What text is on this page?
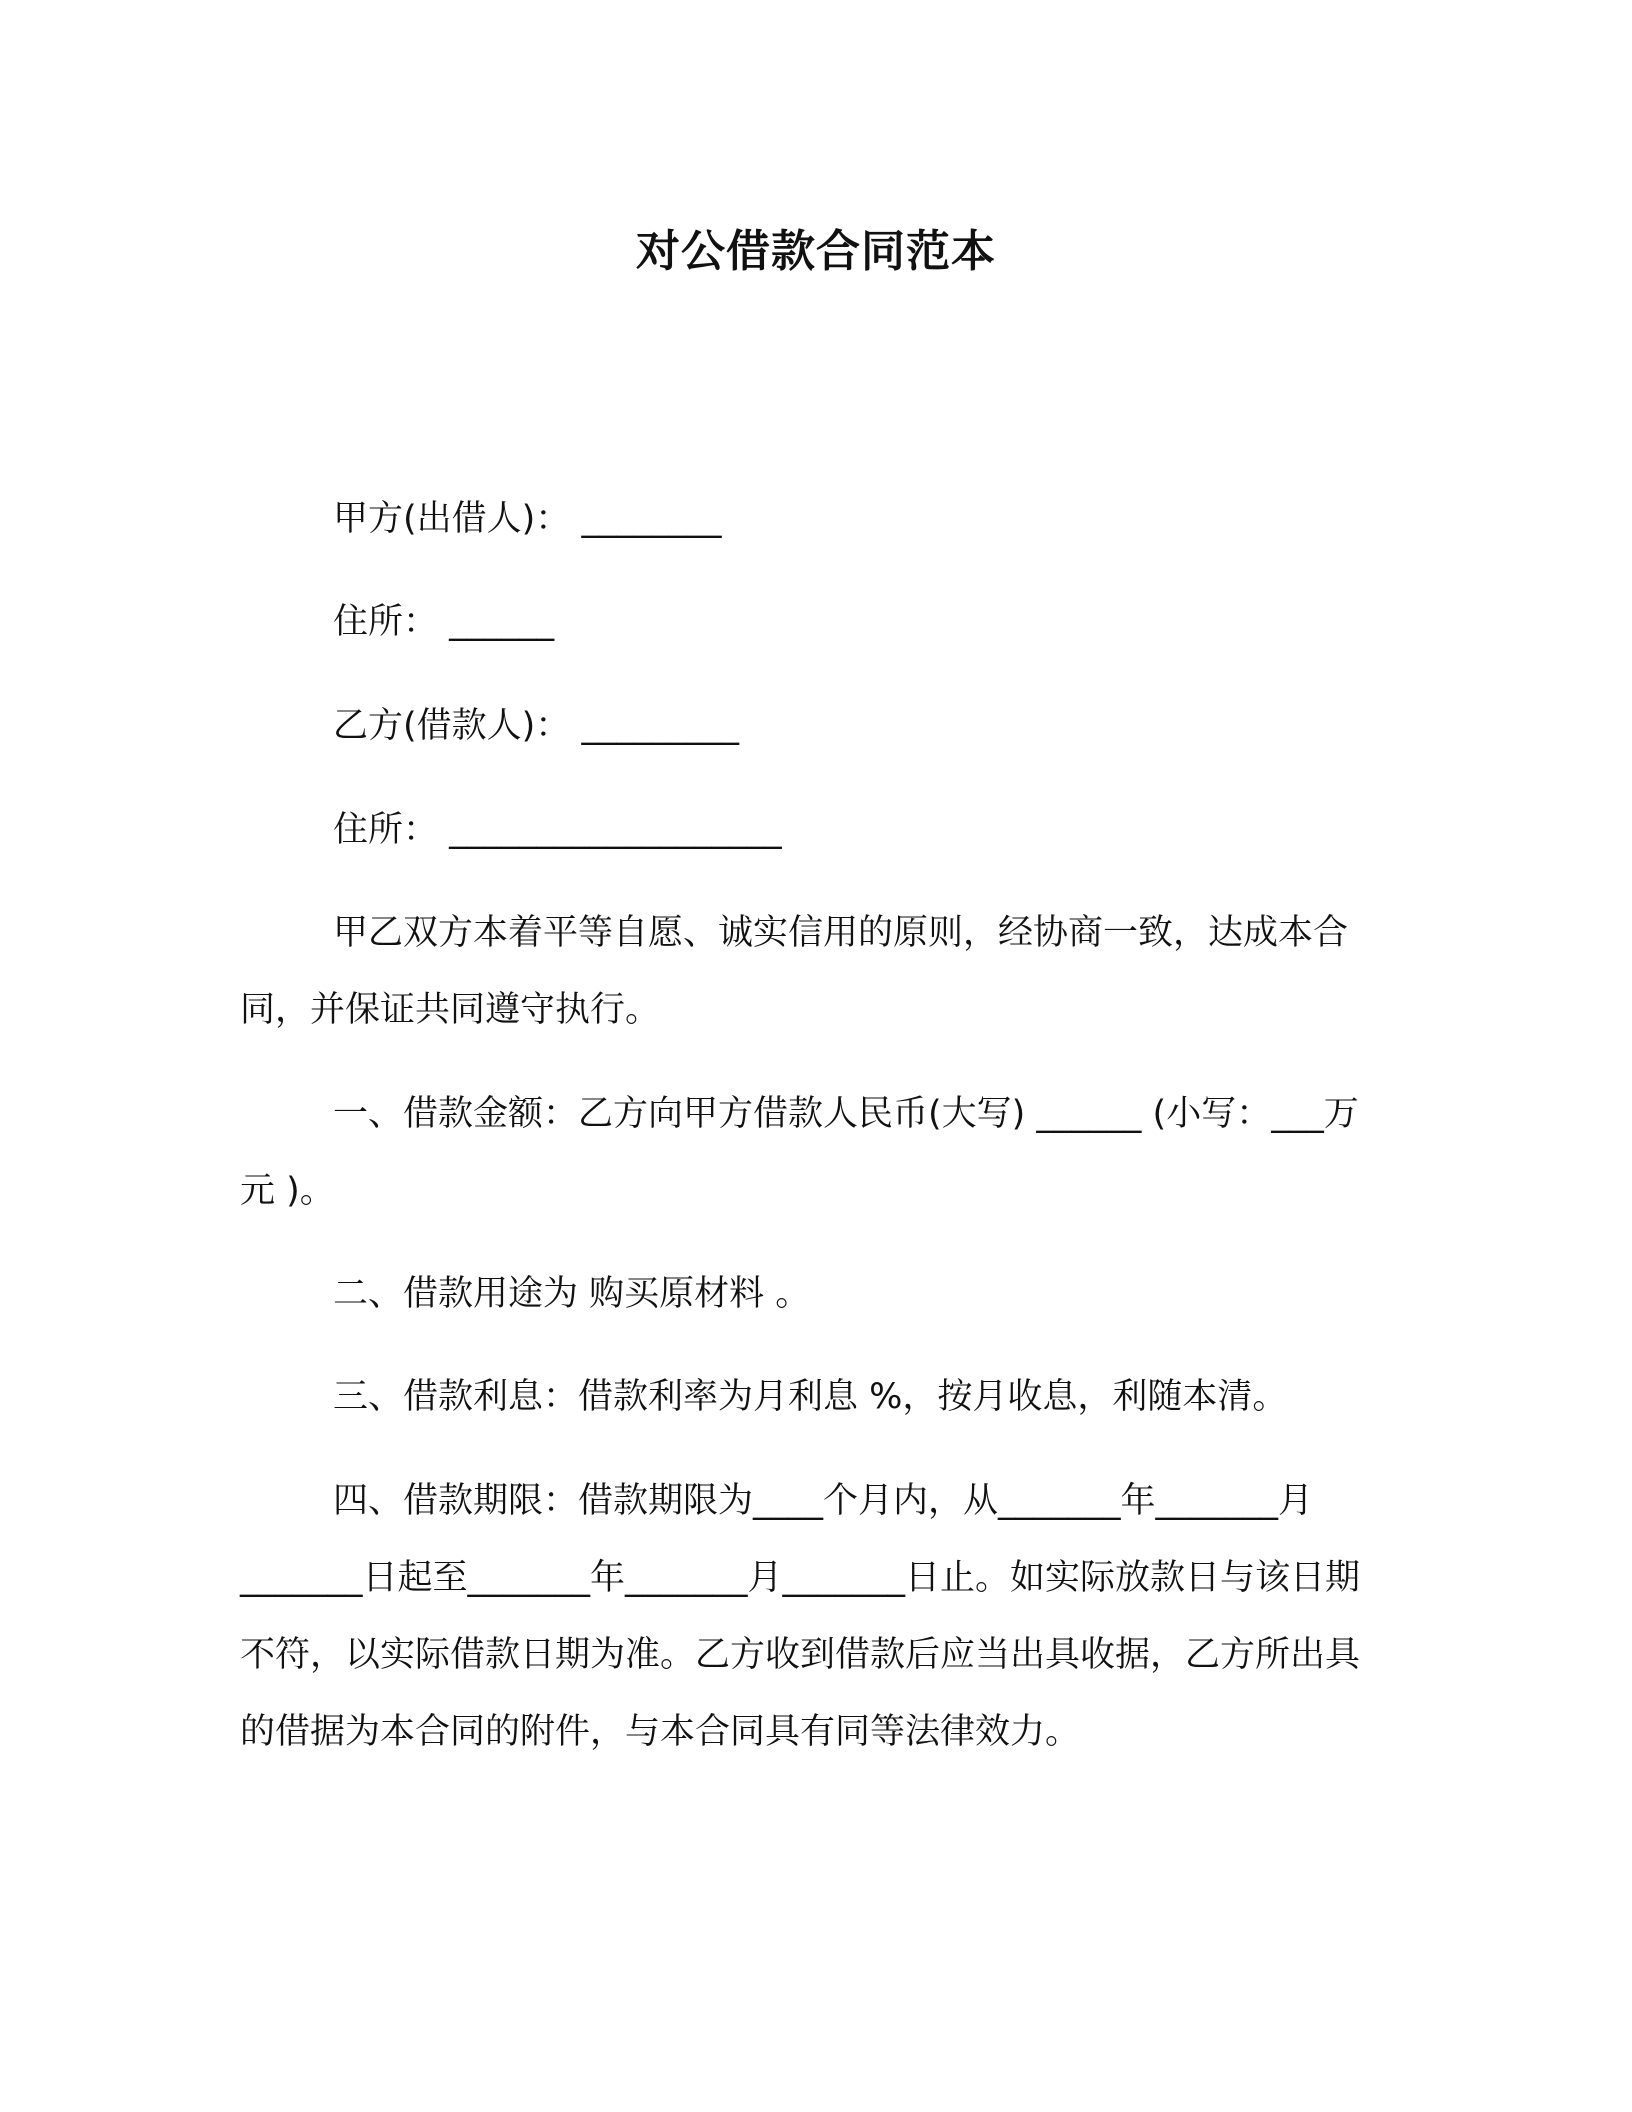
对公借款合同范本
甲方(出借人)： ________
住所： ______
乙方(借款人)： _________
住所： ___________________
甲乙双方本着平等自愿、诚实信用的原则，经协商一致，达成本合同，并保证共同遵守执行。
一、借款金额：乙方向甲方借款人民币(大写) ______ (小写：___万元 )。
二、借款用途为 购买原材料 。
三、借款利息：借款利率为月利息 %，按月收息，利随本清。
四、借款期限：借款期限为____个月内，从_______年_______月_______日起至_______年_______月_______日止。如实际放款日与该日期不符，以实际借款日期为准。乙方收到借款后应当出具收据，乙方所出具的借据为本合同的附件，与本合同具有同等法律效力。
